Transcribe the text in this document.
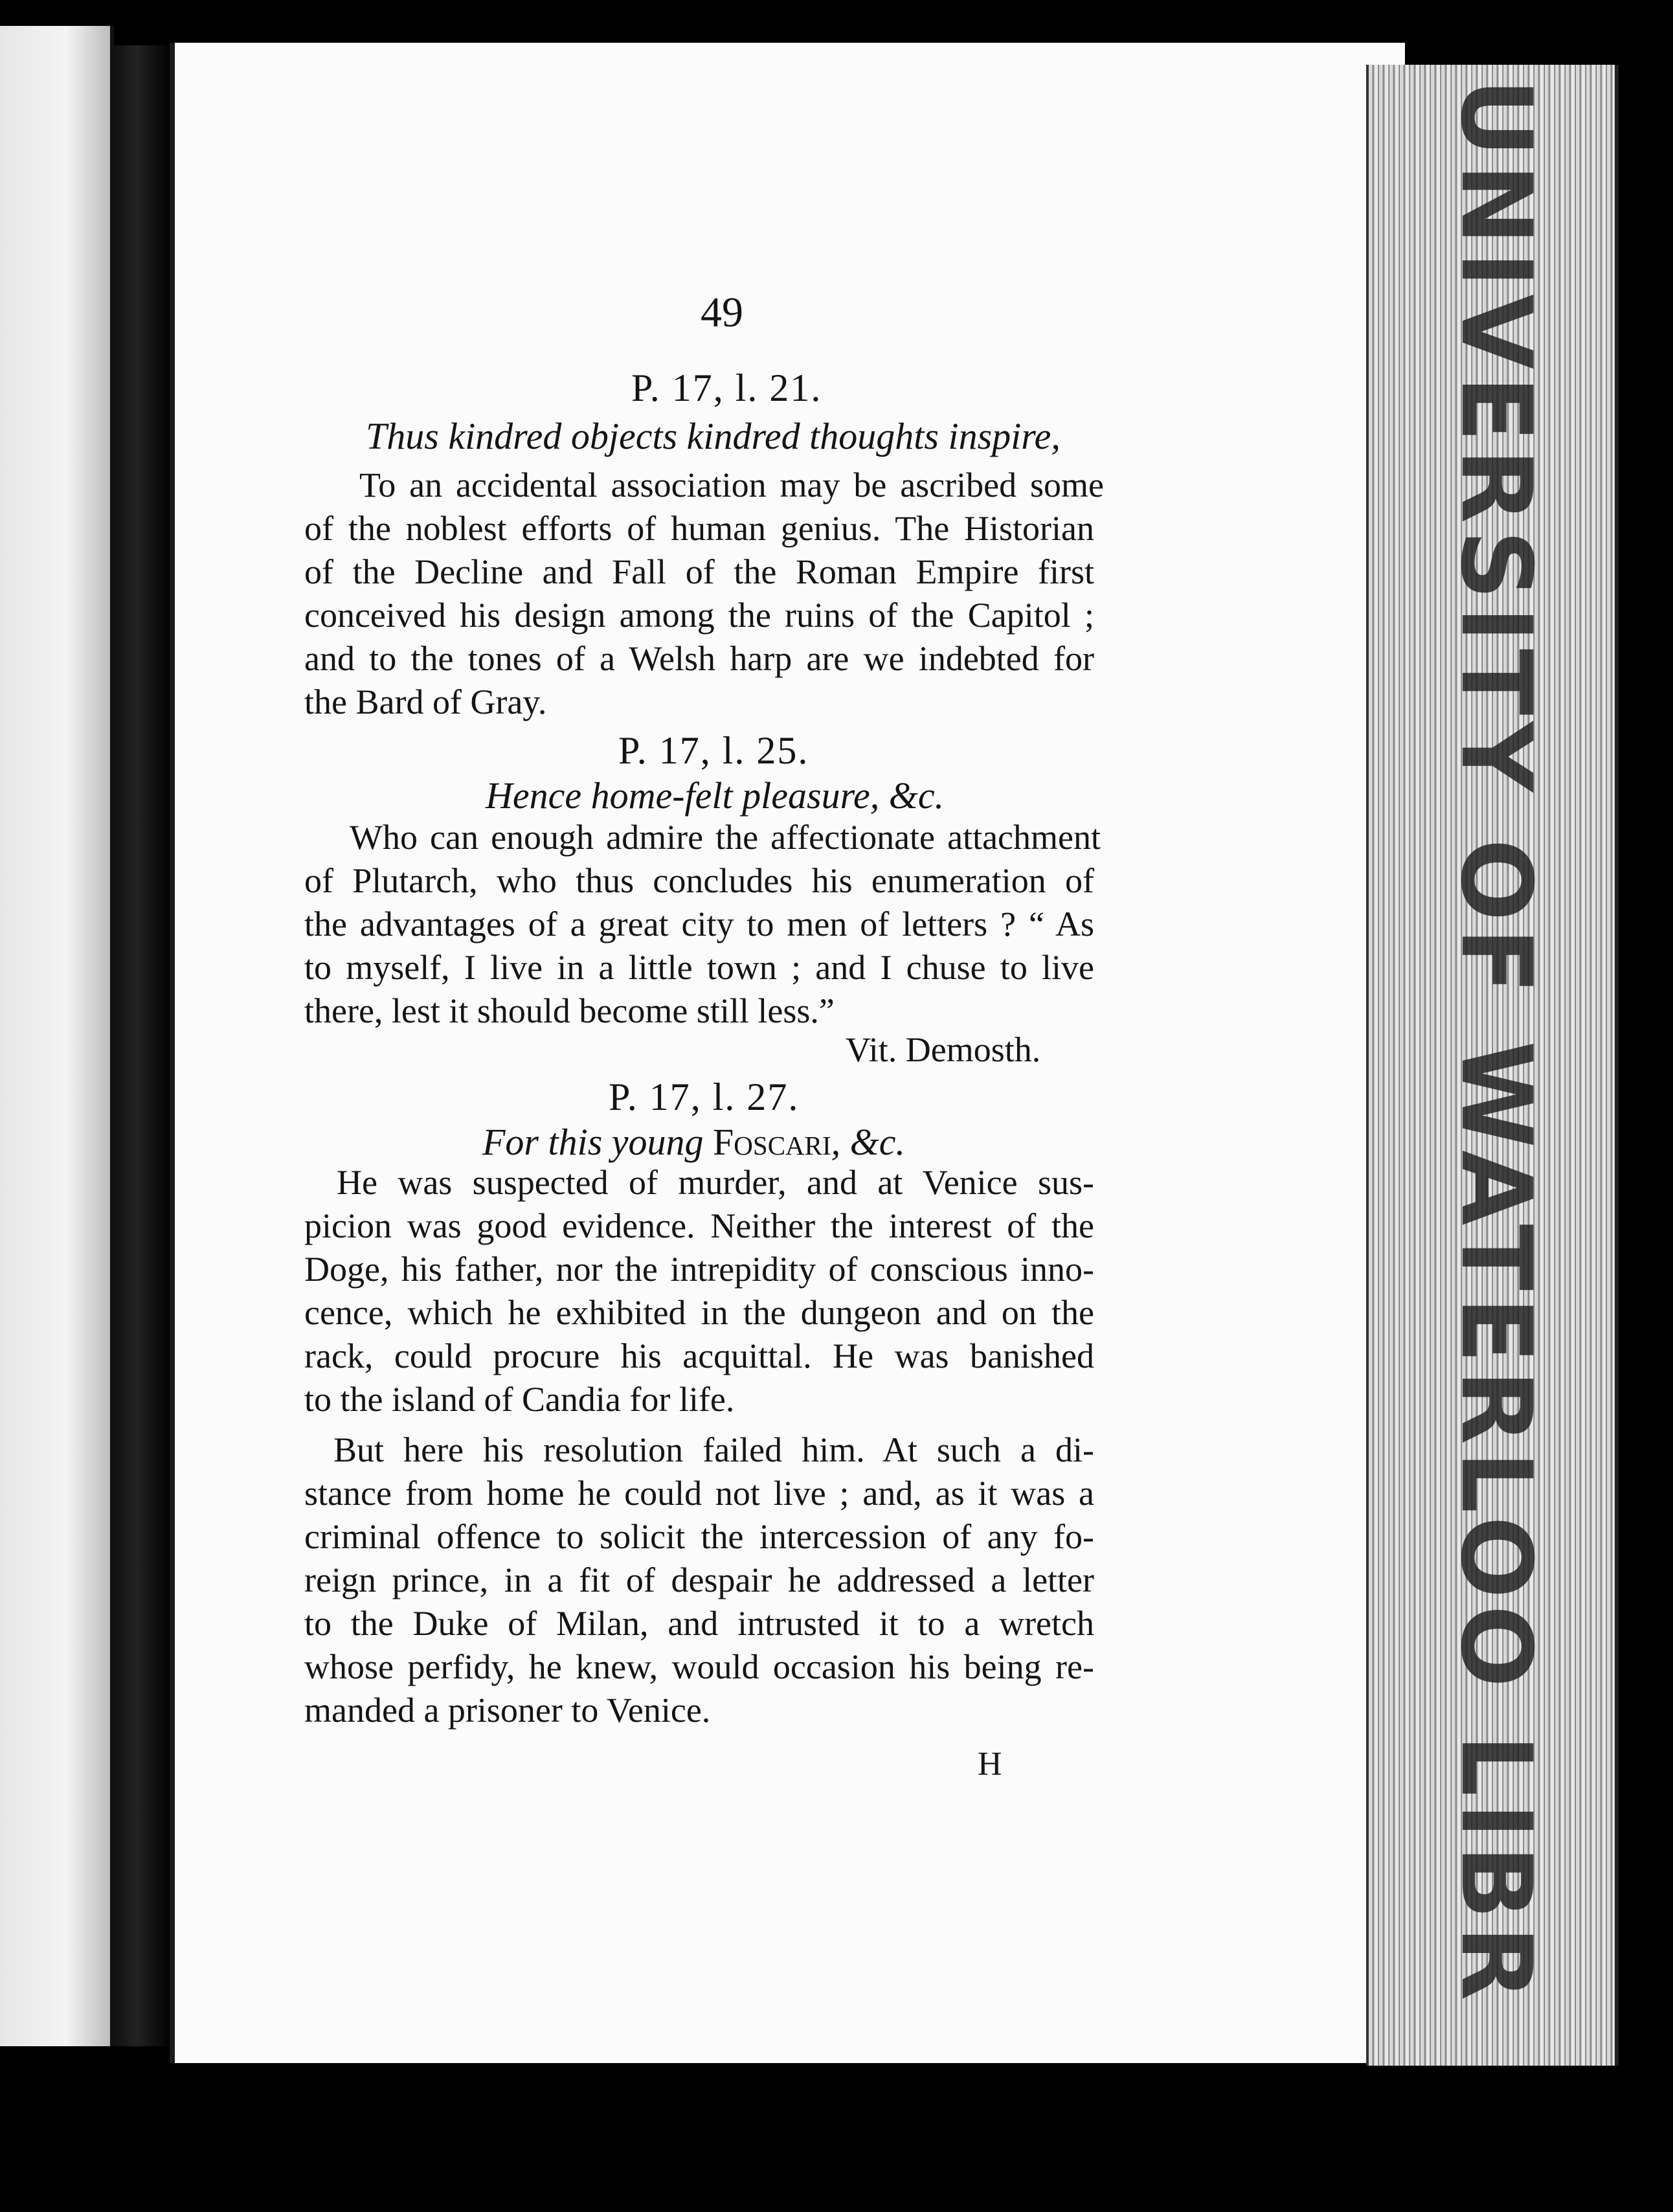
UNIVERSITY OF WATERLOO LIBR
49
P. 17, l. 21.
Thus kindred objects kindred thoughts inspire,
To an accidental association may be ascribed some
of the noblest efforts of human genius. The Historian
of the Decline and Fall of the Roman Empire first
conceived his design among the ruins of the Capitol ;
and to the tones of a Welsh harp are we indebted for
the Bard of Gray.
P. 17, l. 25.
Hence home-felt pleasure, &c.
Who can enough admire the affectionate attachment
of Plutarch, who thus concludes his enumeration of
the advantages of a great city to men of letters ? “ As
to myself, I live in a little town ; and I chuse to live
there, lest it should become still less.”
Vit. Demosth.
P. 17, l. 27.
For this young Foscari, &c.
He was suspected of murder, and at Venice sus-
picion was good evidence. Neither the interest of the
Doge, his father, nor the intrepidity of conscious inno-
cence, which he exhibited in the dungeon and on the
rack, could procure his acquittal. He was banished
to the island of Candia for life.
But here his resolution failed him. At such a di-
stance from home he could not live ; and, as it was a
criminal offence to solicit the intercession of any fo-
reign prince, in a fit of despair he addressed a letter
to the Duke of Milan, and intrusted it to a wretch
whose perfidy, he knew, would occasion his being re-
manded a prisoner to Venice.
H
